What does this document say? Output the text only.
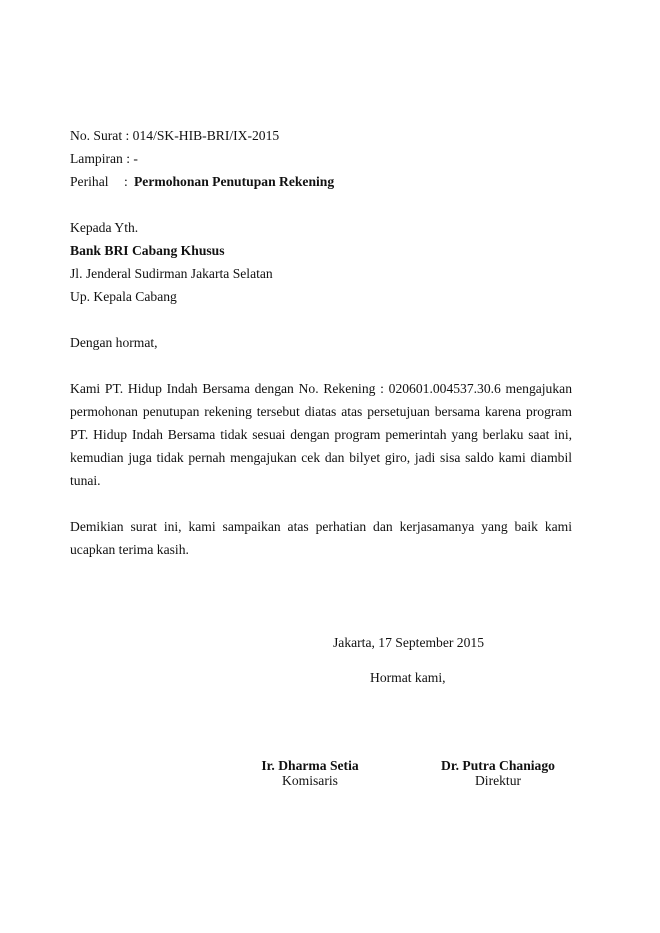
No. Surat : 014/SK-HIB-BRI/IX-2015
Lampiran : -
Perihal : Permohonan Penutupan Rekening
Kepada Yth.
Bank BRI Cabang Khusus
Jl. Jenderal Sudirman Jakarta Selatan
Up. Kepala Cabang
Dengan hormat,
Kami PT. Hidup Indah Bersama dengan No. Rekening : 020601.004537.30.6 mengajukan
permohonan penutupan rekening tersebut diatas atas persetujuan bersama karena program
PT. Hidup Indah Bersama tidak sesuai dengan program pemerintah yang berlaku saat ini,
kemudian juga tidak pernah mengajukan cek dan bilyet giro, jadi sisa saldo kami diambil
tunai.
Demikian surat ini, kami sampaikan atas perhatian dan kerjasamanya yang baik kami
ucapkan terima kasih.
Jakarta, 17 September 2015
Hormat kami,
Ir. Dharma Setia
Komisaris
Dr. Putra Chaniago
Direktur
